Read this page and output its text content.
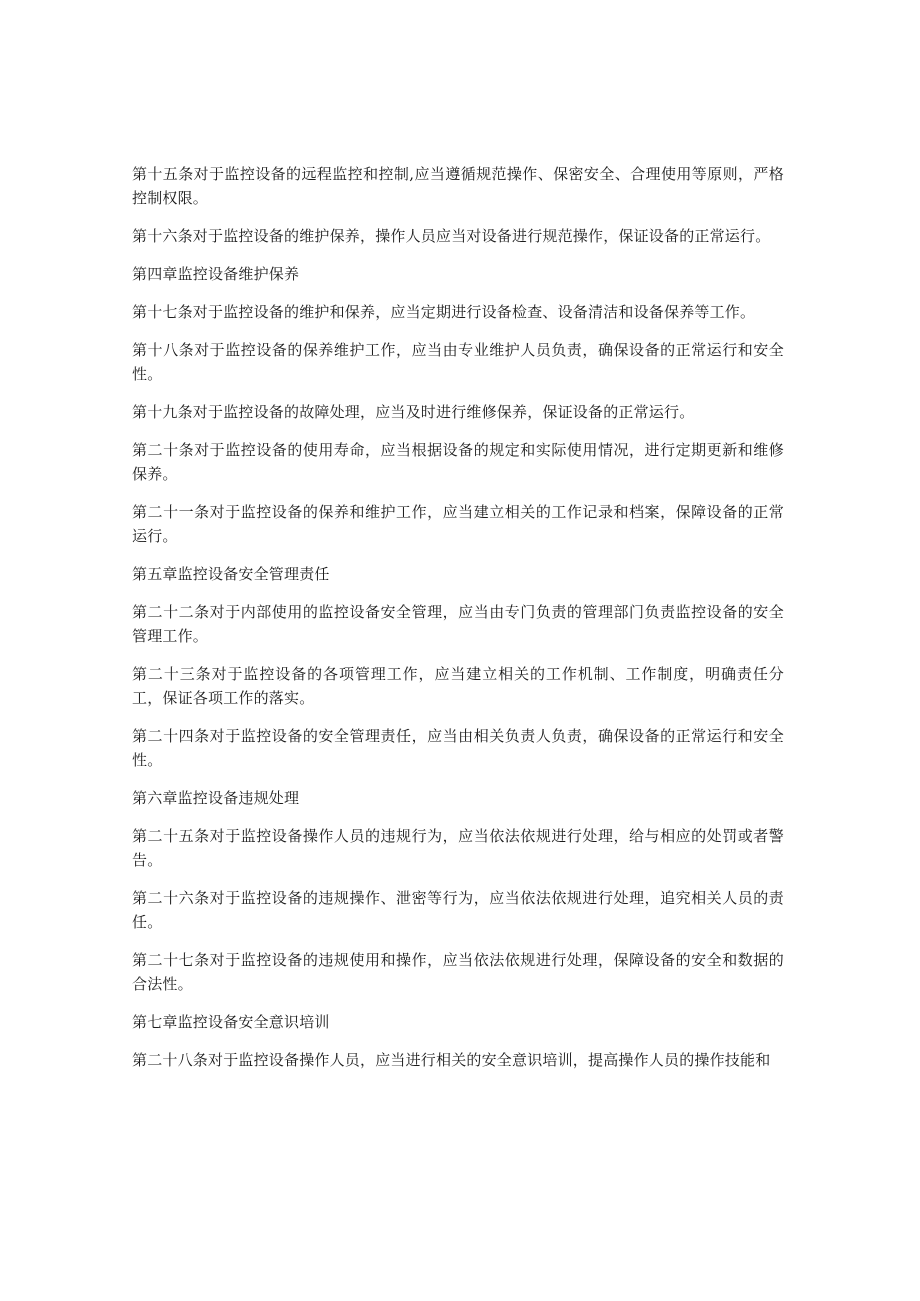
第十五条对于监控设备的远程监控和控制,应当遵循规范操作、保密安全、合理使用等原则，严格控制权限。

第十六条对于监控设备的维护保养，操作人员应当对设备进行规范操作，保证设备的正常运行。

第四章监控设备维护保养

第十七条对于监控设备的维护和保养，应当定期进行设备检查、设备清洁和设备保养等工作。

第十八条对于监控设备的保养维护工作，应当由专业维护人员负责，确保设备的正常运行和安全性。

第十九条对于监控设备的故障处理，应当及时进行维修保养，保证设备的正常运行。

第二十条对于监控设备的使用寿命，应当根据设备的规定和实际使用情况，进行定期更新和维修保养。

第二十一条对于监控设备的保养和维护工作，应当建立相关的工作记录和档案，保障设备的正常运行。

第五章监控设备安全管理责任

第二十二条对于内部使用的监控设备安全管理，应当由专门负责的管理部门负责监控设备的安全管理工作。

第二十三条对于监控设备的各项管理工作，应当建立相关的工作机制、工作制度，明确责任分工，保证各项工作的落实。

第二十四条对于监控设备的安全管理责任，应当由相关负责人负责，确保设备的正常运行和安全性。

第六章监控设备违规处理

第二十五条对于监控设备操作人员的违规行为，应当依法依规进行处理，给与相应的处罚或者警告。

第二十六条对于监控设备的违规操作、泄密等行为，应当依法依规进行处理，追究相关人员的责任。

第二十七条对于监控设备的违规使用和操作，应当依法依规进行处理，保障设备的安全和数据的合法性。

第七章监控设备安全意识培训

第二十八条对于监控设备操作人员，应当进行相关的安全意识培训，提高操作人员的操作技能和
